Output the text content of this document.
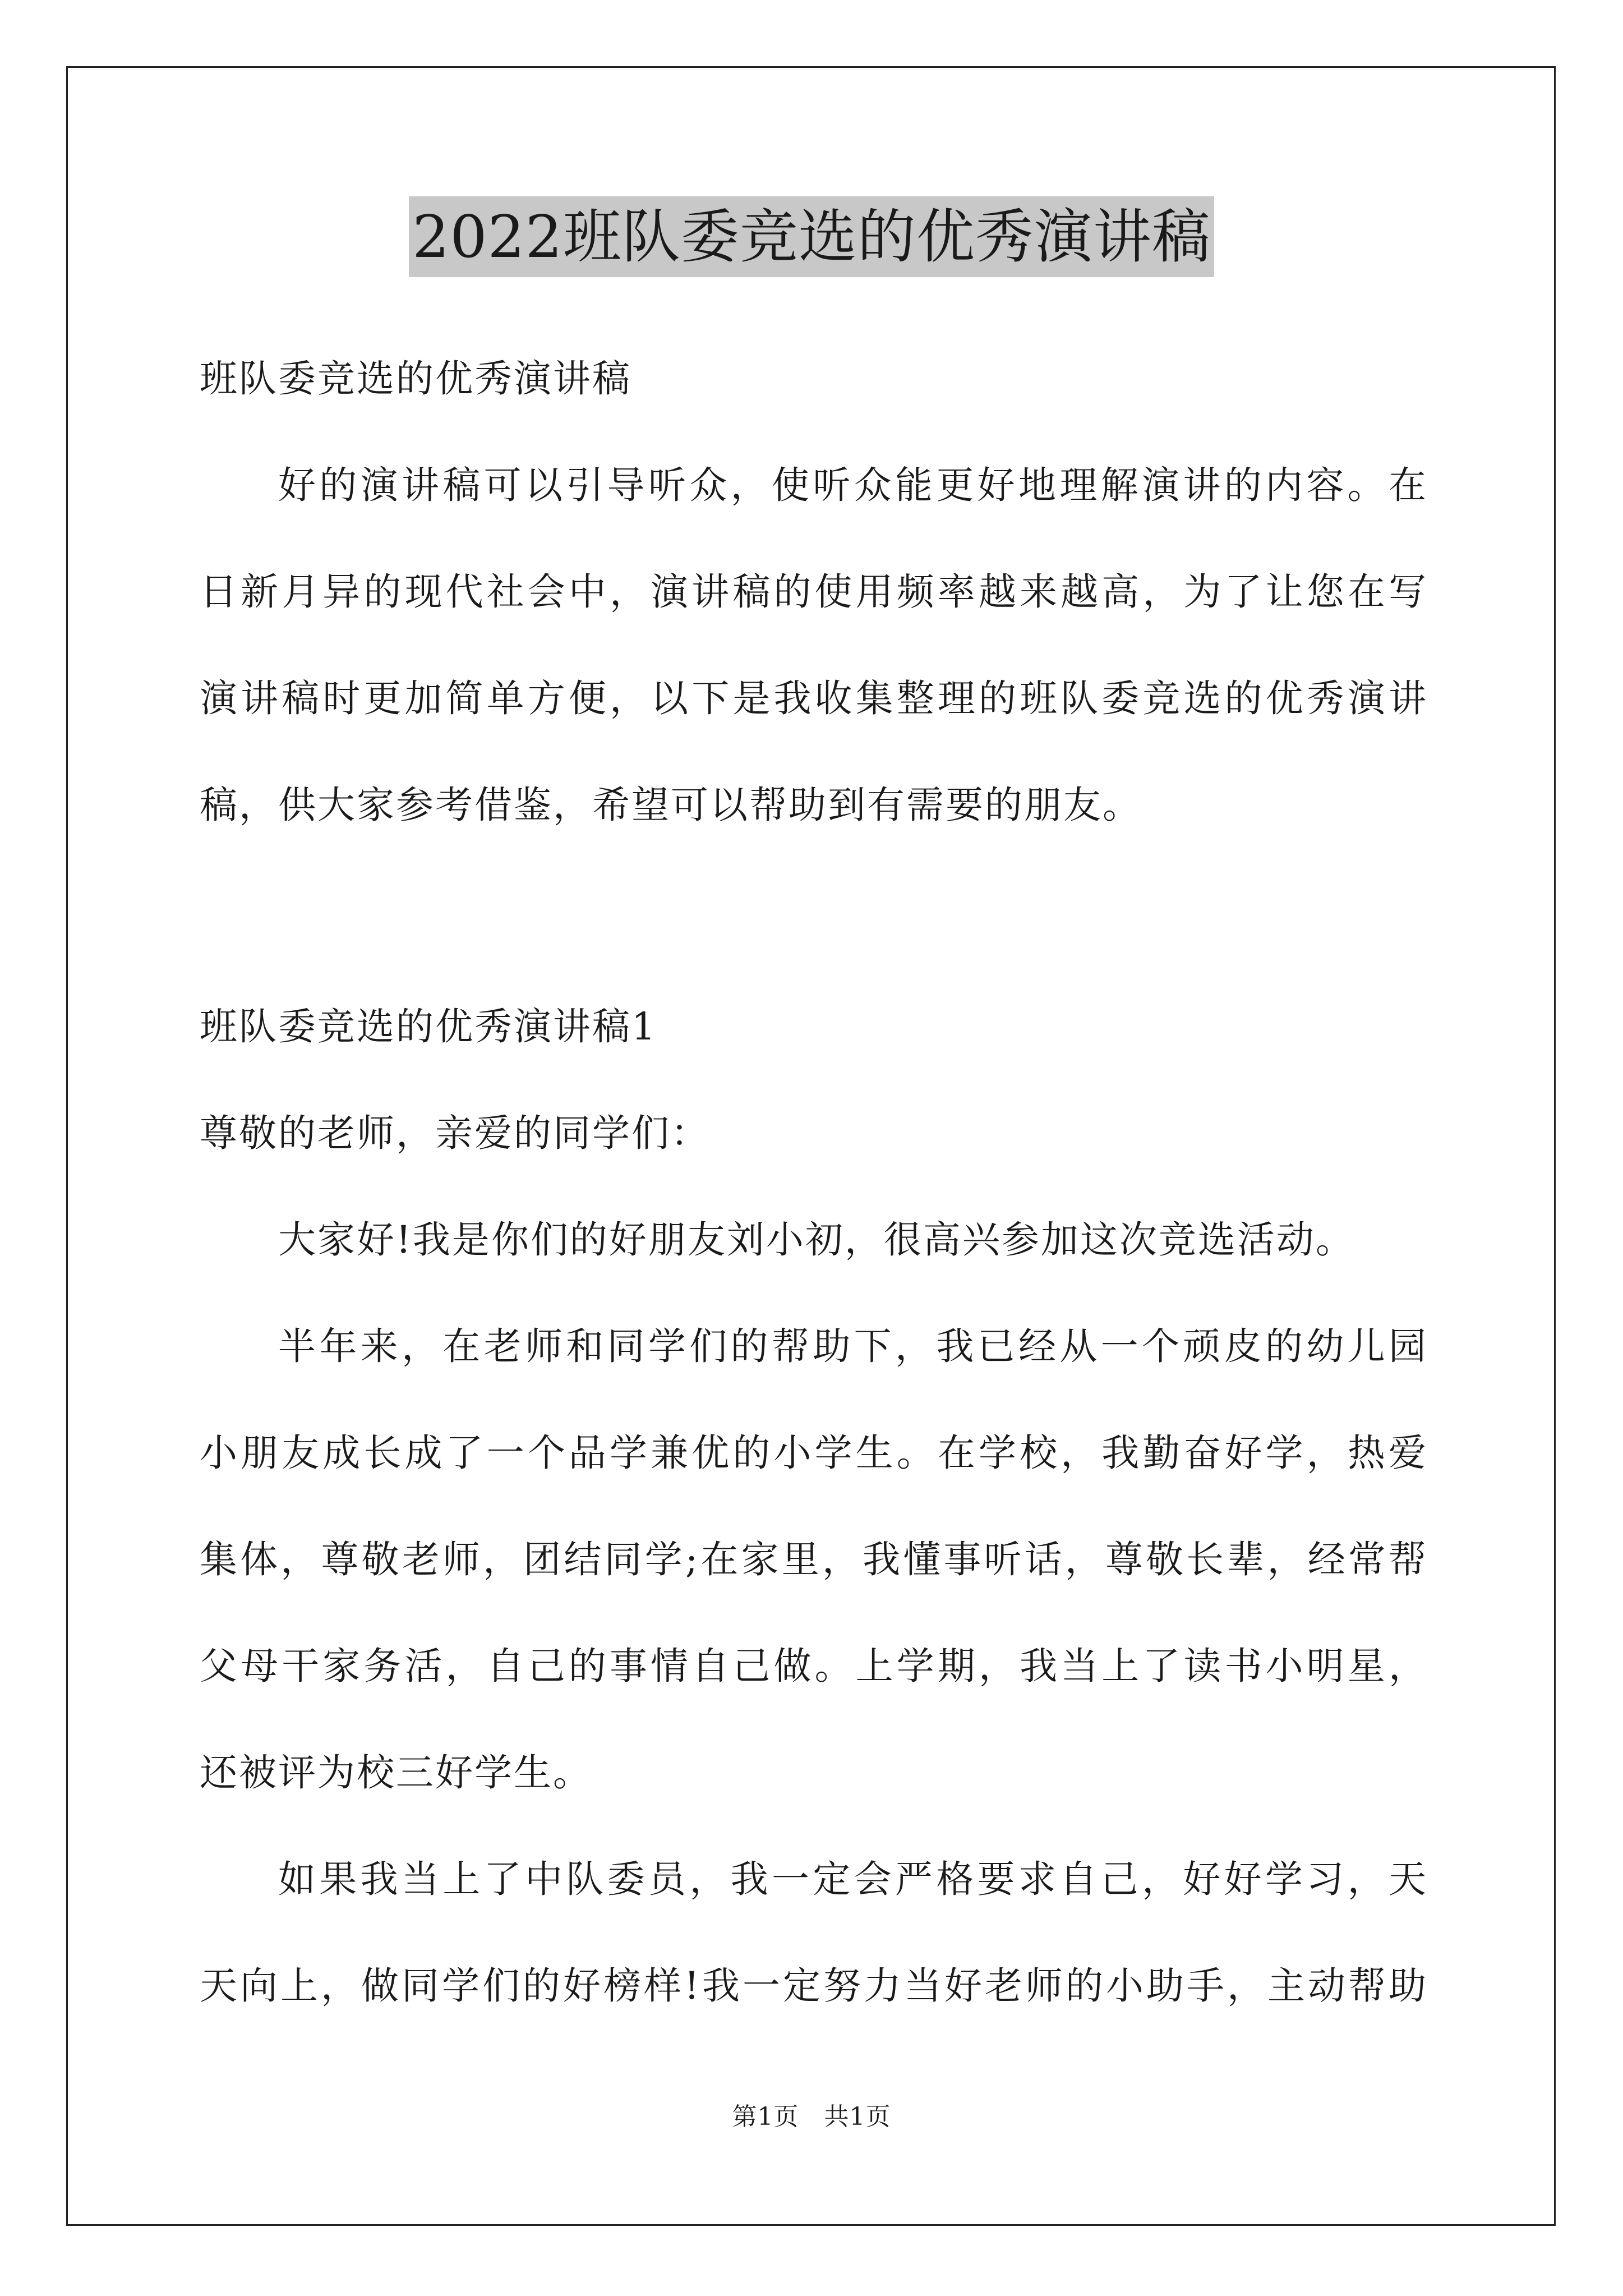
2022班队委竞选的优秀演讲稿
班队委竞选的优秀演讲稿
好的演讲稿可以引导听众，使听众能更好地理解演讲的内容。在
日新月异的现代社会中，演讲稿的使用频率越来越高，为了让您在写
演讲稿时更加简单方便，以下是我收集整理的班队委竞选的优秀演讲
稿，供大家参考借鉴，希望可以帮助到有需要的朋友。
班队委竞选的优秀演讲稿1
尊敬的老师，亲爱的同学们：
大家好!我是你们的好朋友刘小初，很高兴参加这次竞选活动。
半年来，在老师和同学们的帮助下，我已经从一个顽皮的幼儿园
小朋友成长成了一个品学兼优的小学生。在学校，我勤奋好学，热爱
集体，尊敬老师，团结同学;在家里，我懂事听话，尊敬长辈，经常帮
父母干家务活，自己的事情自己做。上学期，我当上了读书小明星，
还被评为校三好学生。
如果我当上了中队委员，我一定会严格要求自己，好好学习，天
天向上，做同学们的好榜样!我一定努力当好老师的小助手，主动帮助
第1页　共1页
